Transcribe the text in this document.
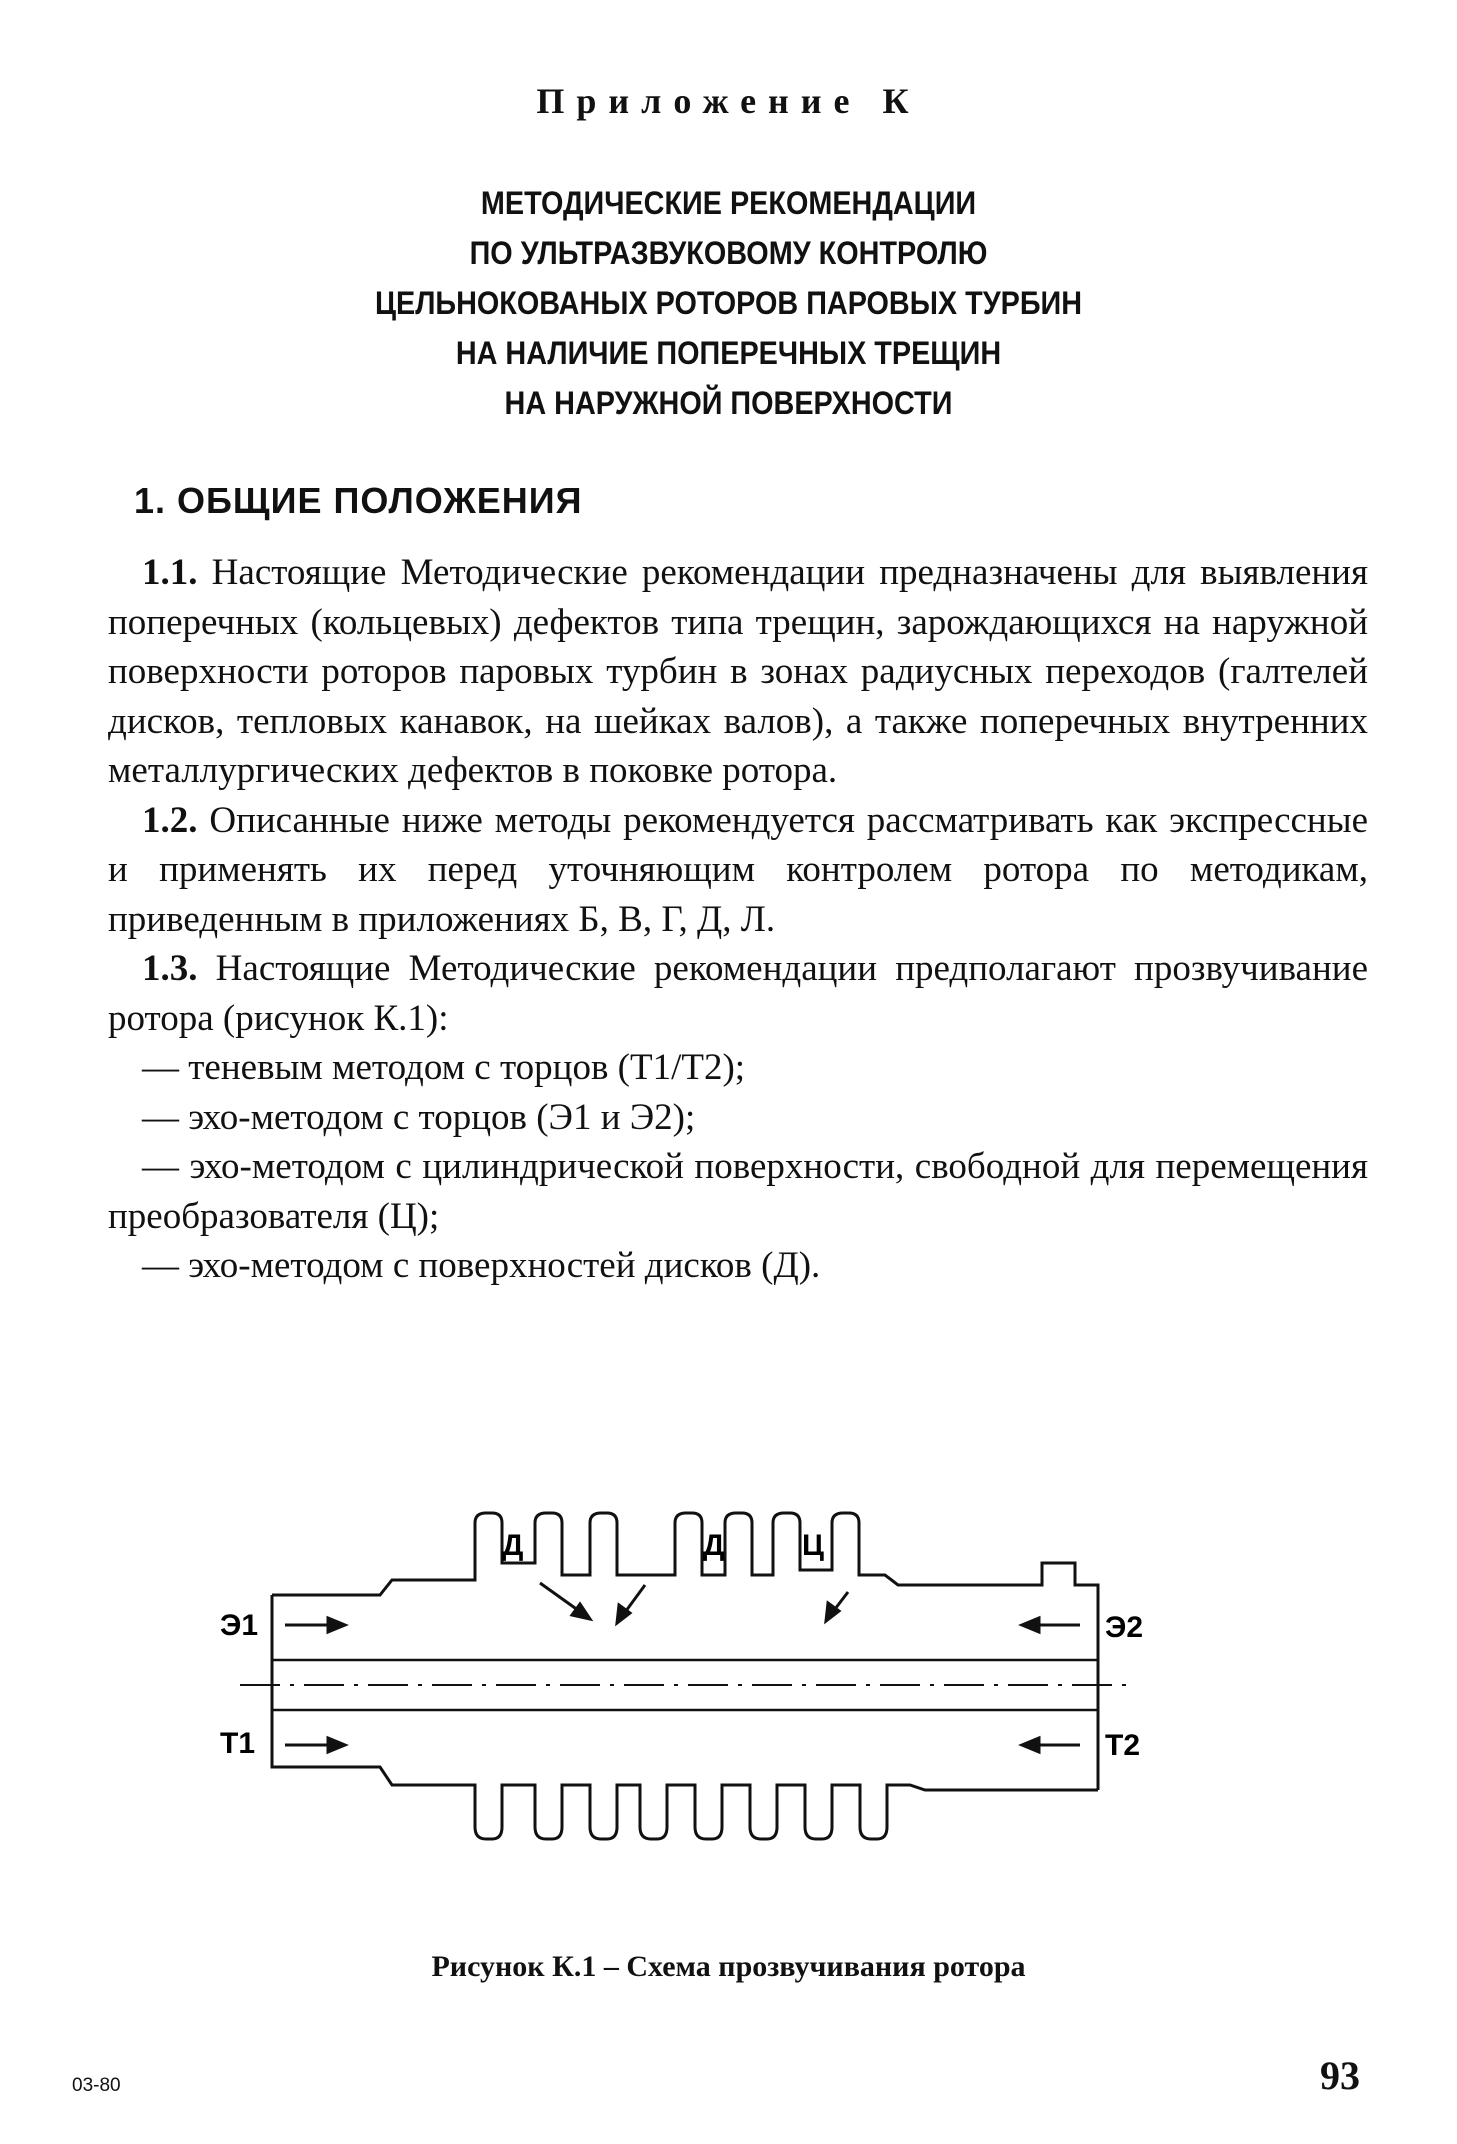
Приложение К
МЕТОДИЧЕСКИЕ РЕКОМЕНДАЦИИ
ПО УЛЬТРАЗВУКОВОМУ КОНТРОЛЮ
ЦЕЛЬНОКОВАНЫХ РОТОРОВ ПАРОВЫХ ТУРБИН
НА НАЛИЧИЕ ПОПЕРЕЧНЫХ ТРЕЩИН
НА НАРУЖНОЙ ПОВЕРХНОСТИ
1. ОБЩИЕ ПОЛОЖЕНИЯ

1.1. Настоящие Методические рекомендации предназначены для выявления поперечных (кольцевых) дефектов типа трещин, зарождающихся на наружной поверхности роторов паровых турбин в зонах радиусных переходов (галтелей дисков, тепловых канавок, на шейках валов), а также поперечных внутренних металлургических дефектов в поковке ротора.

1.2. Описанные ниже методы рекомендуется рассматривать как экспрессные и применять их перед уточняющим контролем ротора по методикам, приведенным в приложениях Б, В, Г, Д, Л.

1.3. Настоящие Методические рекомендации предполагают прозвучивание ротора (рисунок К.1):

— теневым методом с торцов (Т1/Т2);

— эхо-методом с торцов (Э1 и Э2);

— эхо-методом с цилиндрической поверхности, свободной для перемещения преобразователя (Ц);

— эхо-методом с поверхностей дисков (Д).

Э1
Т1
Э2
Т2
Д	Д	Ц
Рисунок К.1 – Схема прозвучивания ротора
03-80	93
